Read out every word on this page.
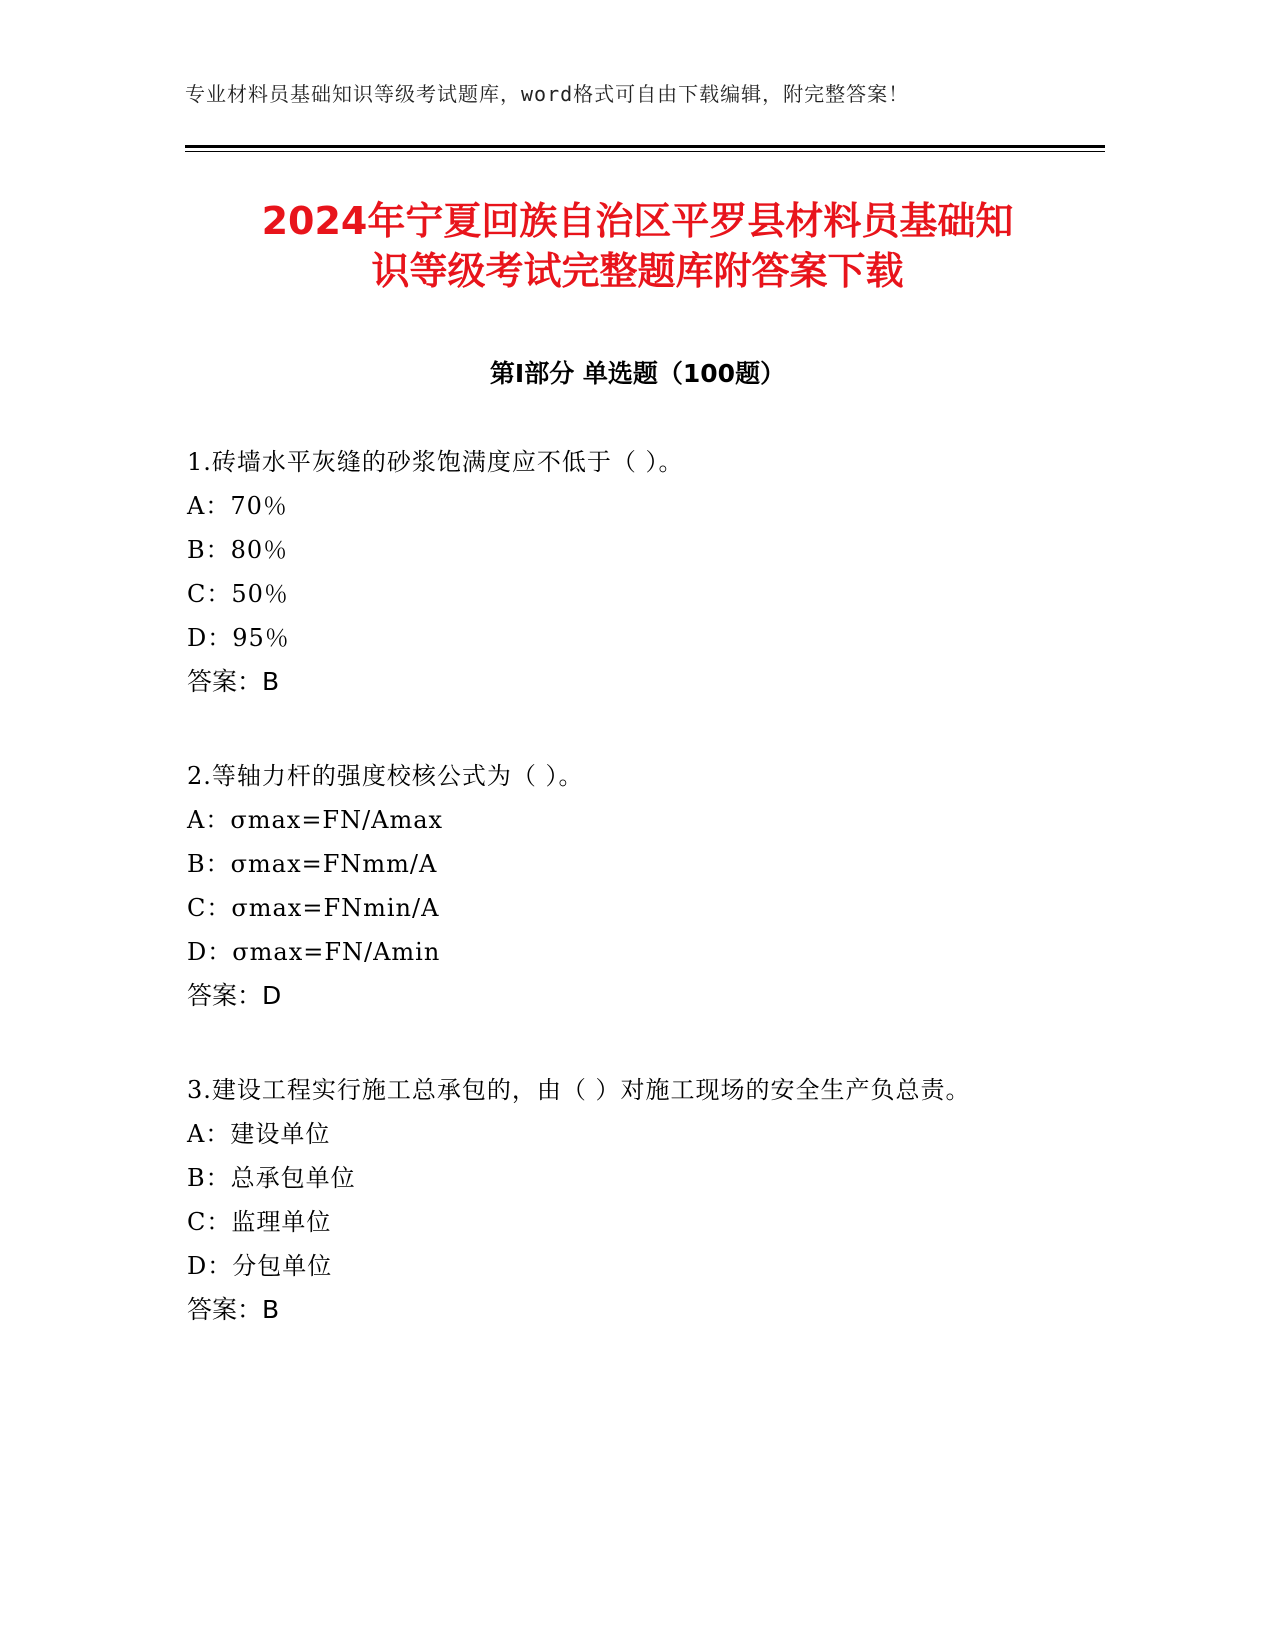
专业材料员基础知识等级考试题库，word格式可自由下载编辑，附完整答案！
2024年宁夏回族自治区平罗县材料员基础知
识等级考试完整题库附答案下载
第Ⅰ部分 单选题（100题）
1.砖墙水平灰缝的砂浆饱满度应不低于（ ）。
A：70％
B：80％
C：50％
D：95％
答案：B
2.等轴力杆的强度校核公式为（ ）。
A：σmax=FN/Amax
B：σmax=FNmm/A
C：σmax=FNmin/A
D：σmax=FN/Amin
答案：D
3.建设工程实行施工总承包的，由（ ）对施工现场的安全生产负总责。
A：建设单位
B：总承包单位
C：监理单位
D：分包单位
答案：B
